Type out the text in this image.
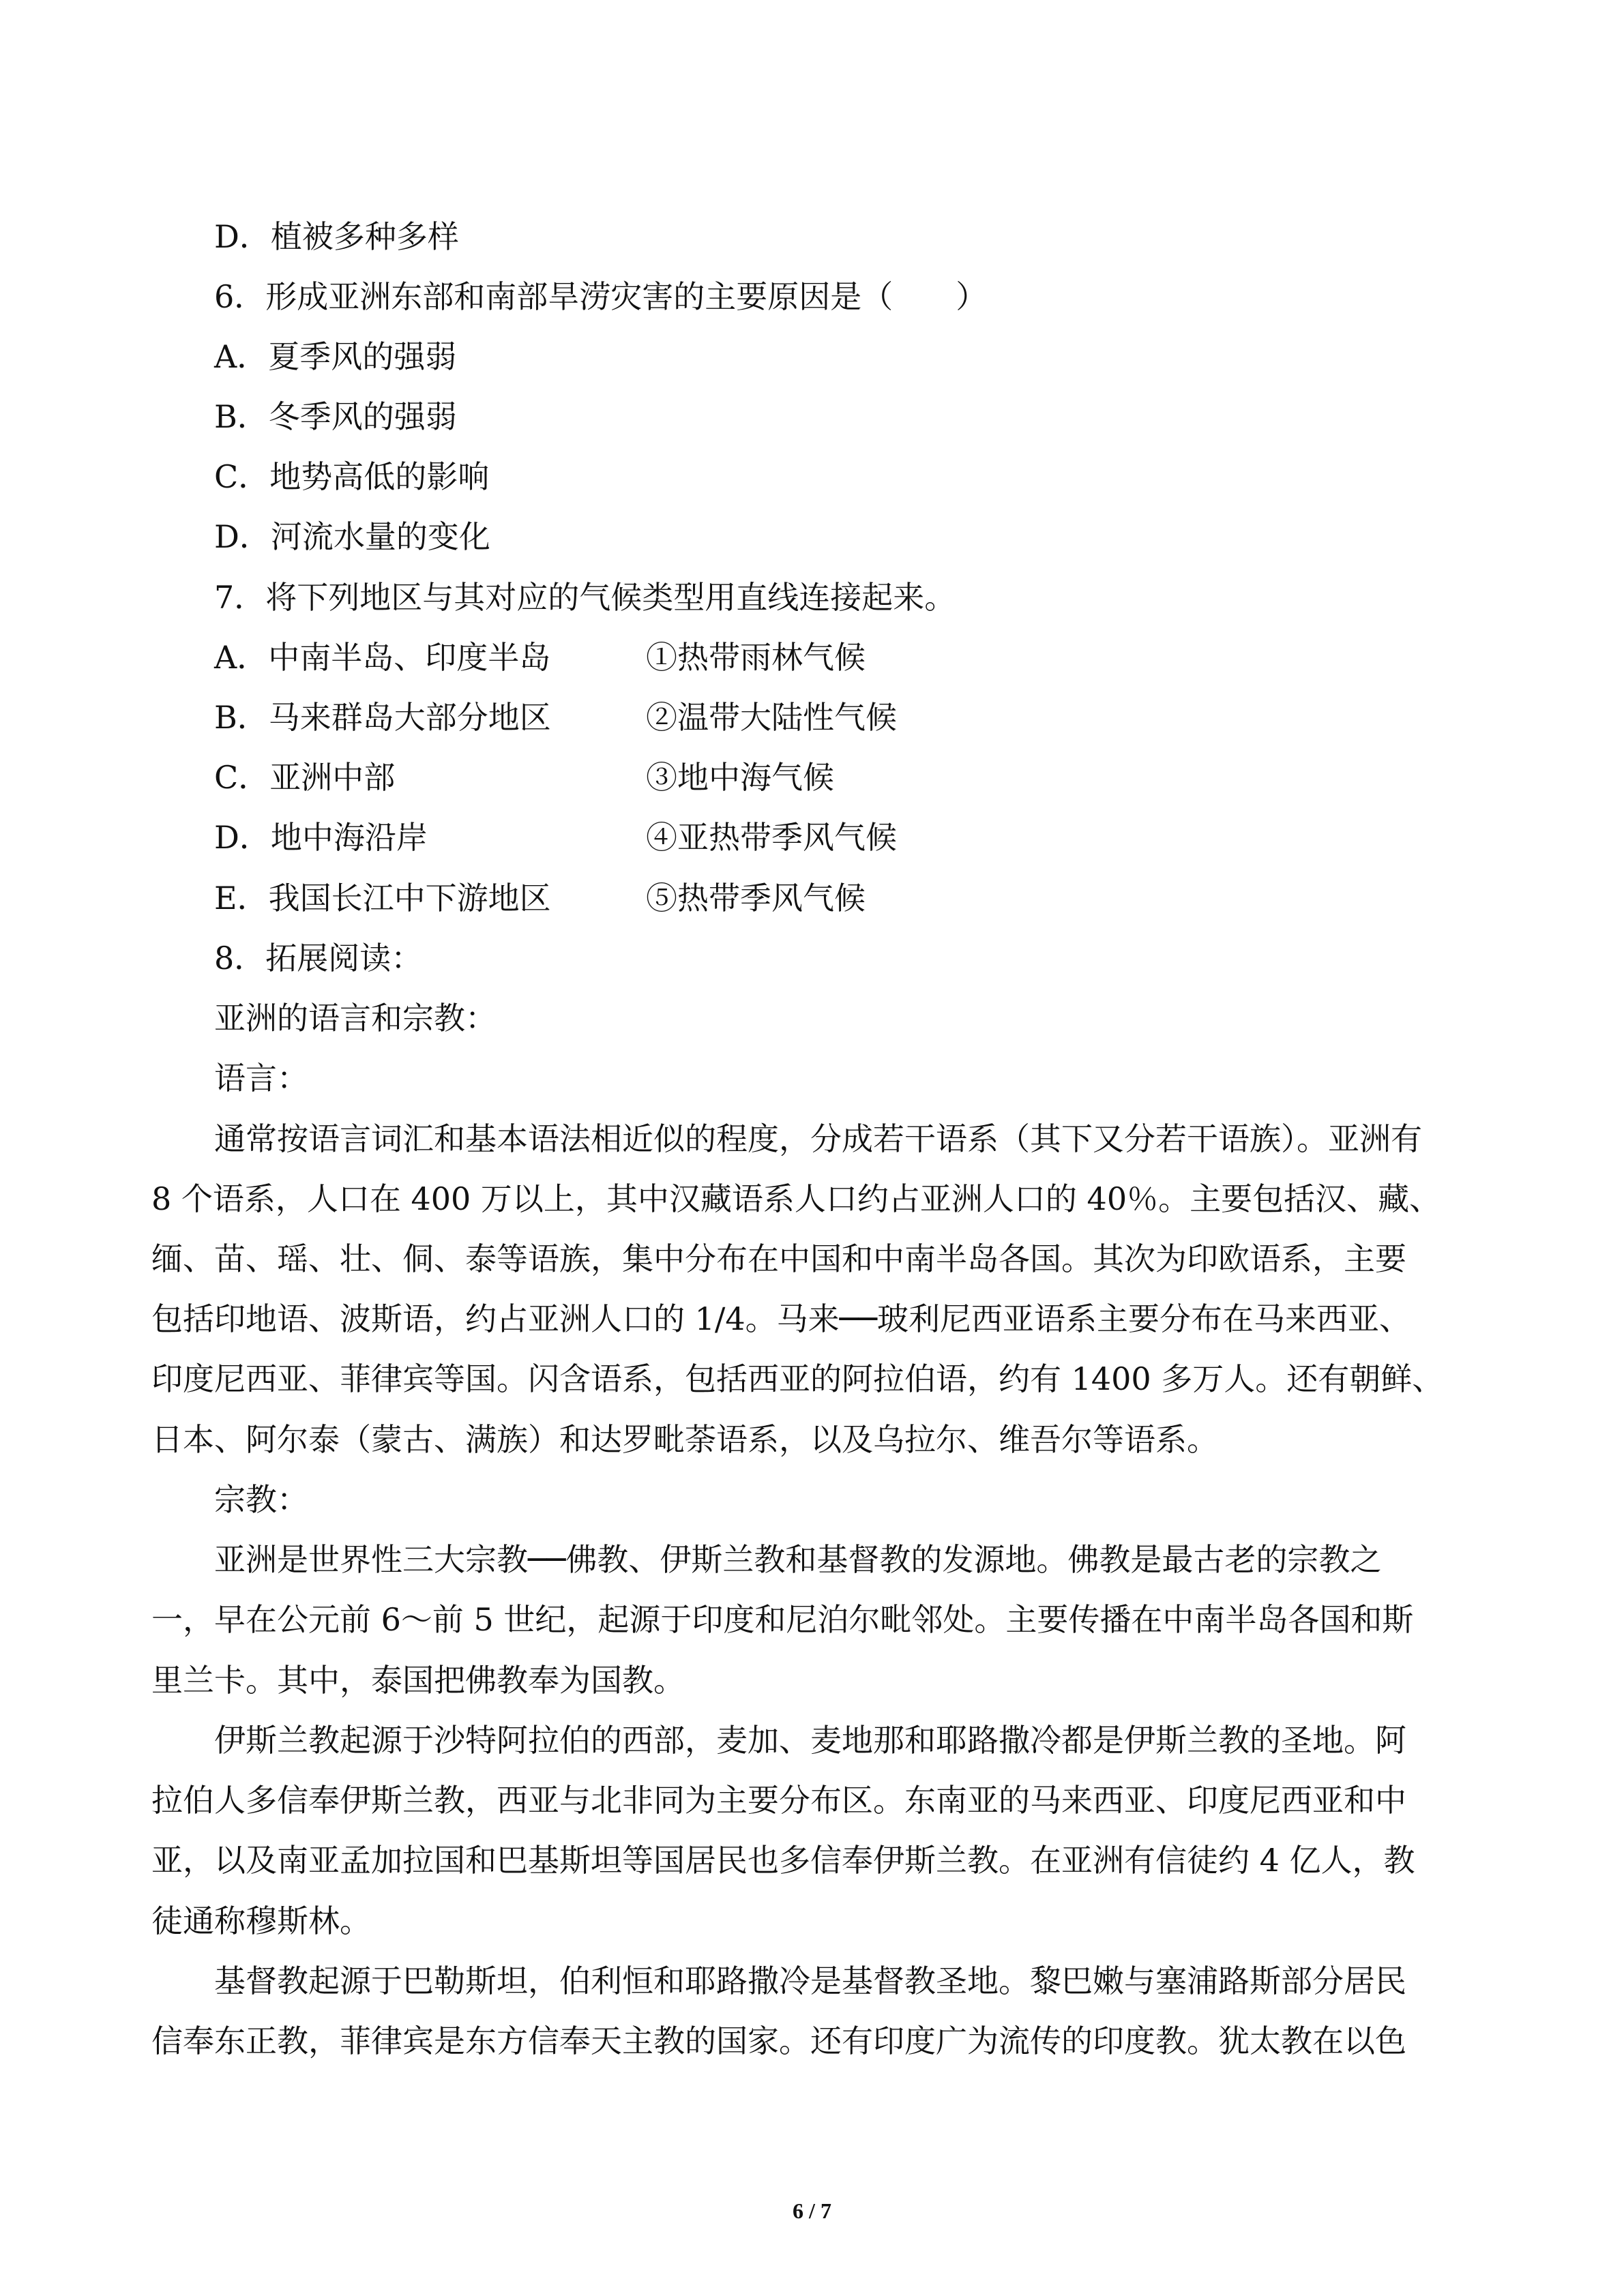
D．植被多种多样
6．形成亚洲东部和南部旱涝灾害的主要原因是（　　）
A．夏季风的强弱
B．冬季风的强弱
C．地势高低的影响
D．河流水量的变化
7．将下列地区与其对应的气候类型用直线连接起来。
A．中南半岛、印度半岛	①热带雨林气候
B．马来群岛大部分地区	②温带大陆性气候
C．亚洲中部	③地中海气候
D．地中海沿岸	④亚热带季风气候
E．我国长江中下游地区	⑤热带季风气候
8．拓展阅读：
亚洲的语言和宗教：
语言：
通常按语言词汇和基本语法相近似的程度，分成若干语系（其下又分若干语族）。亚洲有
8 个语系，人口在 400 万以上，其中汉藏语系人口约占亚洲人口的 40％。主要包括汉、藏、
缅、苗、瑶、壮、侗、泰等语族，集中分布在中国和中南半岛各国。其次为印欧语系，主要
包括印地语、波斯语，约占亚洲人口的 1/4。马来──玻利尼西亚语系主要分布在马来西亚、
印度尼西亚、菲律宾等国。闪含语系，包括西亚的阿拉伯语，约有 1400 多万人。还有朝鲜、
日本、阿尔泰（蒙古、满族）和达罗毗荼语系，以及乌拉尔、维吾尔等语系。
宗教：
亚洲是世界性三大宗教──佛教、伊斯兰教和基督教的发源地。佛教是最古老的宗教之
一，早在公元前 6～前 5 世纪，起源于印度和尼泊尔毗邻处。主要传播在中南半岛各国和斯
里兰卡。其中，泰国把佛教奉为国教。
伊斯兰教起源于沙特阿拉伯的西部，麦加、麦地那和耶路撒冷都是伊斯兰教的圣地。阿
拉伯人多信奉伊斯兰教，西亚与北非同为主要分布区。东南亚的马来西亚、印度尼西亚和中
亚，以及南亚孟加拉国和巴基斯坦等国居民也多信奉伊斯兰教。在亚洲有信徒约 4 亿人，教
徒通称穆斯林。
基督教起源于巴勒斯坦，伯利恒和耶路撒冷是基督教圣地。黎巴嫩与塞浦路斯部分居民
信奉东正教，菲律宾是东方信奉天主教的国家。还有印度广为流传的印度教。犹太教在以色
6 / 7
